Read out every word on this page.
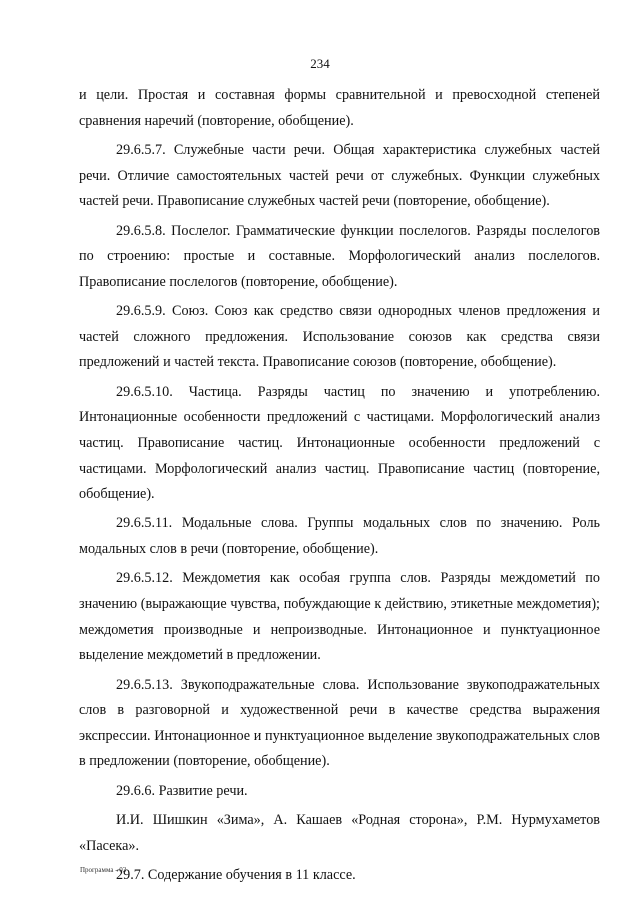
234

и цели. Простая и составная формы сравнительной и превосходной степеней сравнения наречий (повторение, обобщение).

29.6.5.7. Служебные части речи. Общая характеристика служебных частей речи. Отличие самостоятельных частей речи от служебных. Функции служебных частей речи. Правописание служебных частей речи (повторение, обобщение).

29.6.5.8. Послелог. Грамматические функции послелогов. Разряды послелогов по строению: простые и составные. Морфологический анализ послелогов. Правописание послелогов (повторение, обобщение).

29.6.5.9. Союз. Союз как средство связи однородных членов предложения и частей сложного предложения. Использование союзов как средства связи предложений и частей текста. Правописание союзов (повторение, обобщение).

29.6.5.10. Частица. Разряды частиц по значению и употреблению. Интонационные особенности предложений с частицами. Морфологический анализ частиц. Правописание частиц. Интонационные особенности предложений с частицами. Морфологический анализ частиц. Правописание частиц (повторение, обобщение).

29.6.5.11. Модальные слова. Группы модальных слов по значению. Роль модальных слов в речи (повторение, обобщение).

29.6.5.12. Междометия как особая группа слов. Разряды междометий по значению (выражающие чувства, побуждающие к действию, этикетные междометия); междометия производные и непроизводные. Интонационное и пунктуационное выделение междометий в предложении.

29.6.5.13. Звукоподражательные слова. Использование звукоподражательных слов в разговорной и художественной речи в качестве средства выражения экспрессии. Интонационное и пунктуационное выделение звукоподражательных слов в предложении (повторение, обобщение).

29.6.6. Развитие речи.

И.И. Шишкин «Зима», А. Кашаев «Родная сторона», Р.М. Нурмухаметов «Пасека».

29.7. Содержание обучения в 11 классе.

Программа - 03
